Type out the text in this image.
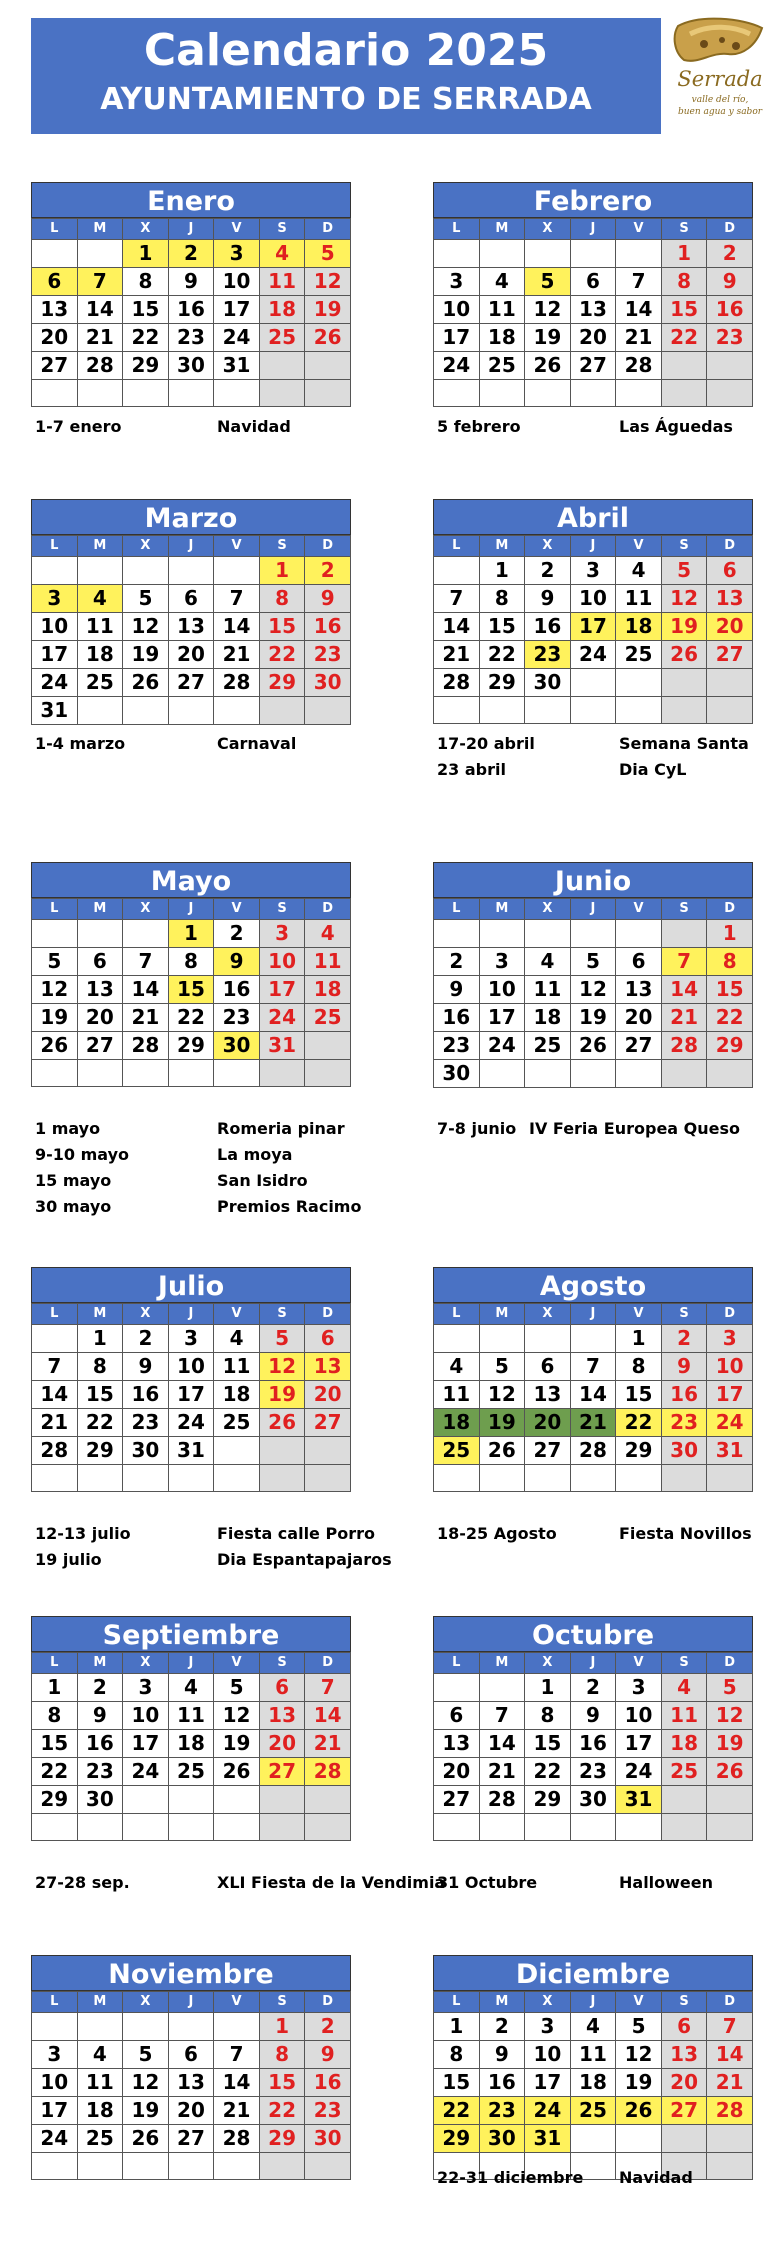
Calendario 2025
AYUNTAMIENTO DE SERRADA
Serrada
valle del río,
buen agua y sabor
Enero
L	M	X	J	V	S	D
		1	2	3	4	5
6	7	8	9	10	11	12
13	14	15	16	17	18	19
20	21	22	23	24	25	26
27	28	29	30	31		

1-7 enero	Navidad
Febrero
L	M	X	J	V	S	D
					1	2
3	4	5	6	7	8	9
10	11	12	13	14	15	16
17	18	19	20	21	22	23
24	25	26	27	28		

5 febrero	Las Águedas
Marzo
L	M	X	J	V	S	D
					1	2
3	4	5	6	7	8	9
10	11	12	13	14	15	16
17	18	19	20	21	22	23
24	25	26	27	28	29	30
31						
1-4 marzo	Carnaval
Abril
L	M	X	J	V	S	D
	1	2	3	4	5	6
7	8	9	10	11	12	13
14	15	16	17	18	19	20
21	22	23	24	25	26	27
28	29	30				

17-20 abril	Semana Santa
23 abril	Dia CyL
Mayo
L	M	X	J	V	S	D
			1	2	3	4
5	6	7	8	9	10	11
12	13	14	15	16	17	18
19	20	21	22	23	24	25
26	27	28	29	30	31	

1 mayo	Romeria pinar
9-10 mayo	La moya
15 mayo	San Isidro
30 mayo	Premios Racimo
Junio
L	M	X	J	V	S	D
						1
2	3	4	5	6	7	8
9	10	11	12	13	14	15
16	17	18	19	20	21	22
23	24	25	26	27	28	29
30						
7-8 junio IV Feria Europea Queso
Julio
L	M	X	J	V	S	D
	1	2	3	4	5	6
7	8	9	10	11	12	13
14	15	16	17	18	19	20
21	22	23	24	25	26	27
28	29	30	31			

12-13 julio	Fiesta calle Porro
19 julio	Dia Espantapajaros
Agosto
L	M	X	J	V	S	D
				1	2	3
4	5	6	7	8	9	10
11	12	13	14	15	16	17
18	19	20	21	22	23	24
25	26	27	28	29	30	31

18-25 Agosto	Fiesta Novillos
Septiembre
L	M	X	J	V	S	D
1	2	3	4	5	6	7
8	9	10	11	12	13	14
15	16	17	18	19	20	21
22	23	24	25	26	27	28
29	30					

27-28 sep.	XLI Fiesta de la Vendimia
Octubre
L	M	X	J	V	S	D
		1	2	3	4	5
6	7	8	9	10	11	12
13	14	15	16	17	18	19
20	21	22	23	24	25	26
27	28	29	30	31		

31 Octubre	Halloween
Noviembre
L	M	X	J	V	S	D
					1	2
3	4	5	6	7	8	9
10	11	12	13	14	15	16
17	18	19	20	21	22	23
24	25	26	27	28	29	30

Diciembre
L	M	X	J	V	S	D
1	2	3	4	5	6	7
8	9	10	11	12	13	14
15	16	17	18	19	20	21
22	23	24	25	26	27	28
29	30	31				

22-31 diciembre Navidad
